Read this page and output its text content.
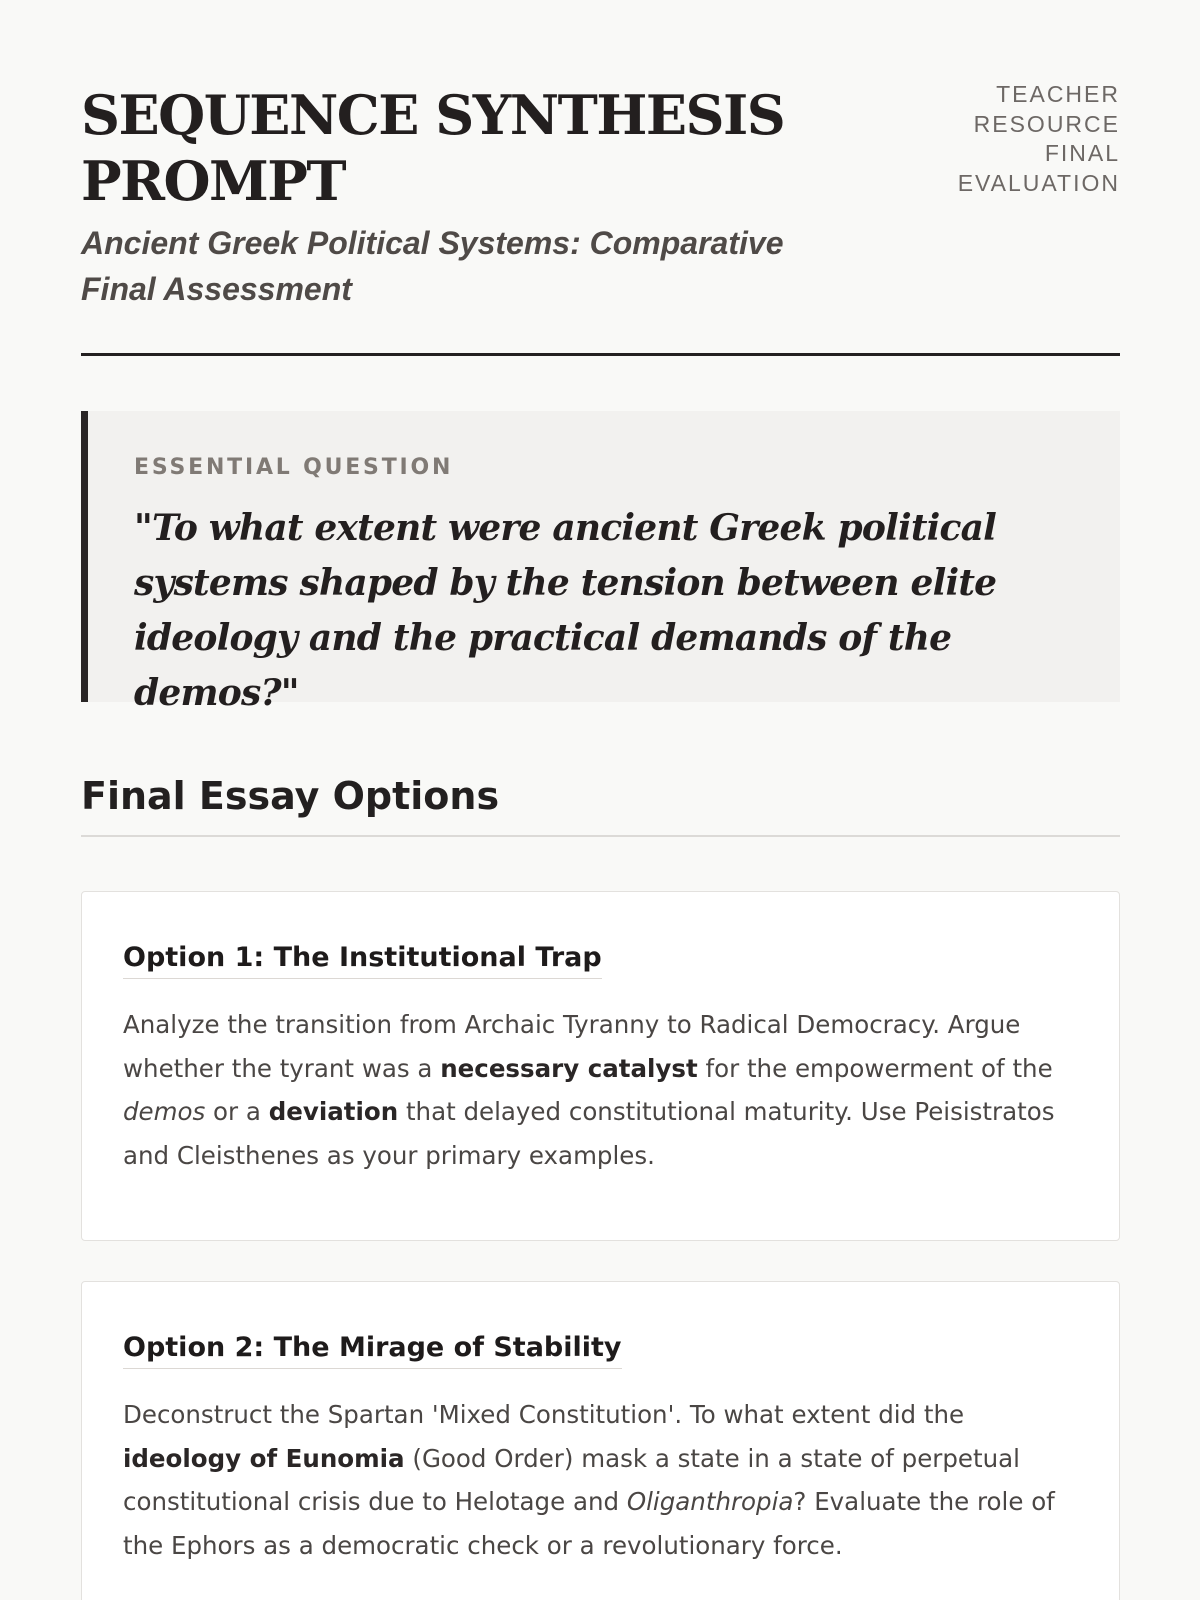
SEQUENCE SYNTHESIS PROMPT
Ancient Greek Political Systems: Comparative Final Assessment
TEACHER
RESOURCE
FINAL
EVALUATION
ESSENTIAL QUESTION
"To what extent were ancient Greek political systems shaped by the tension between elite ideology and the practical demands of the demos?"
Final Essay Options
Option 1: The Institutional Trap

Analyze the transition from Archaic Tyranny to Radical Democracy. Argue whether the tyrant was a necessary catalyst for the empowerment of the demos or a deviation that delayed constitutional maturity. Use Peisistratos and Cleisthenes as your primary examples.

Option 2: The Mirage of Stability

Deconstruct the Spartan 'Mixed Constitution'. To what extent did the ideology of Eunomia (Good Order) mask a state in a state of perpetual constitutional crisis due to Helotage and Oliganthropia? Evaluate the role of the Ephors as a democratic check or a revolutionary force.
